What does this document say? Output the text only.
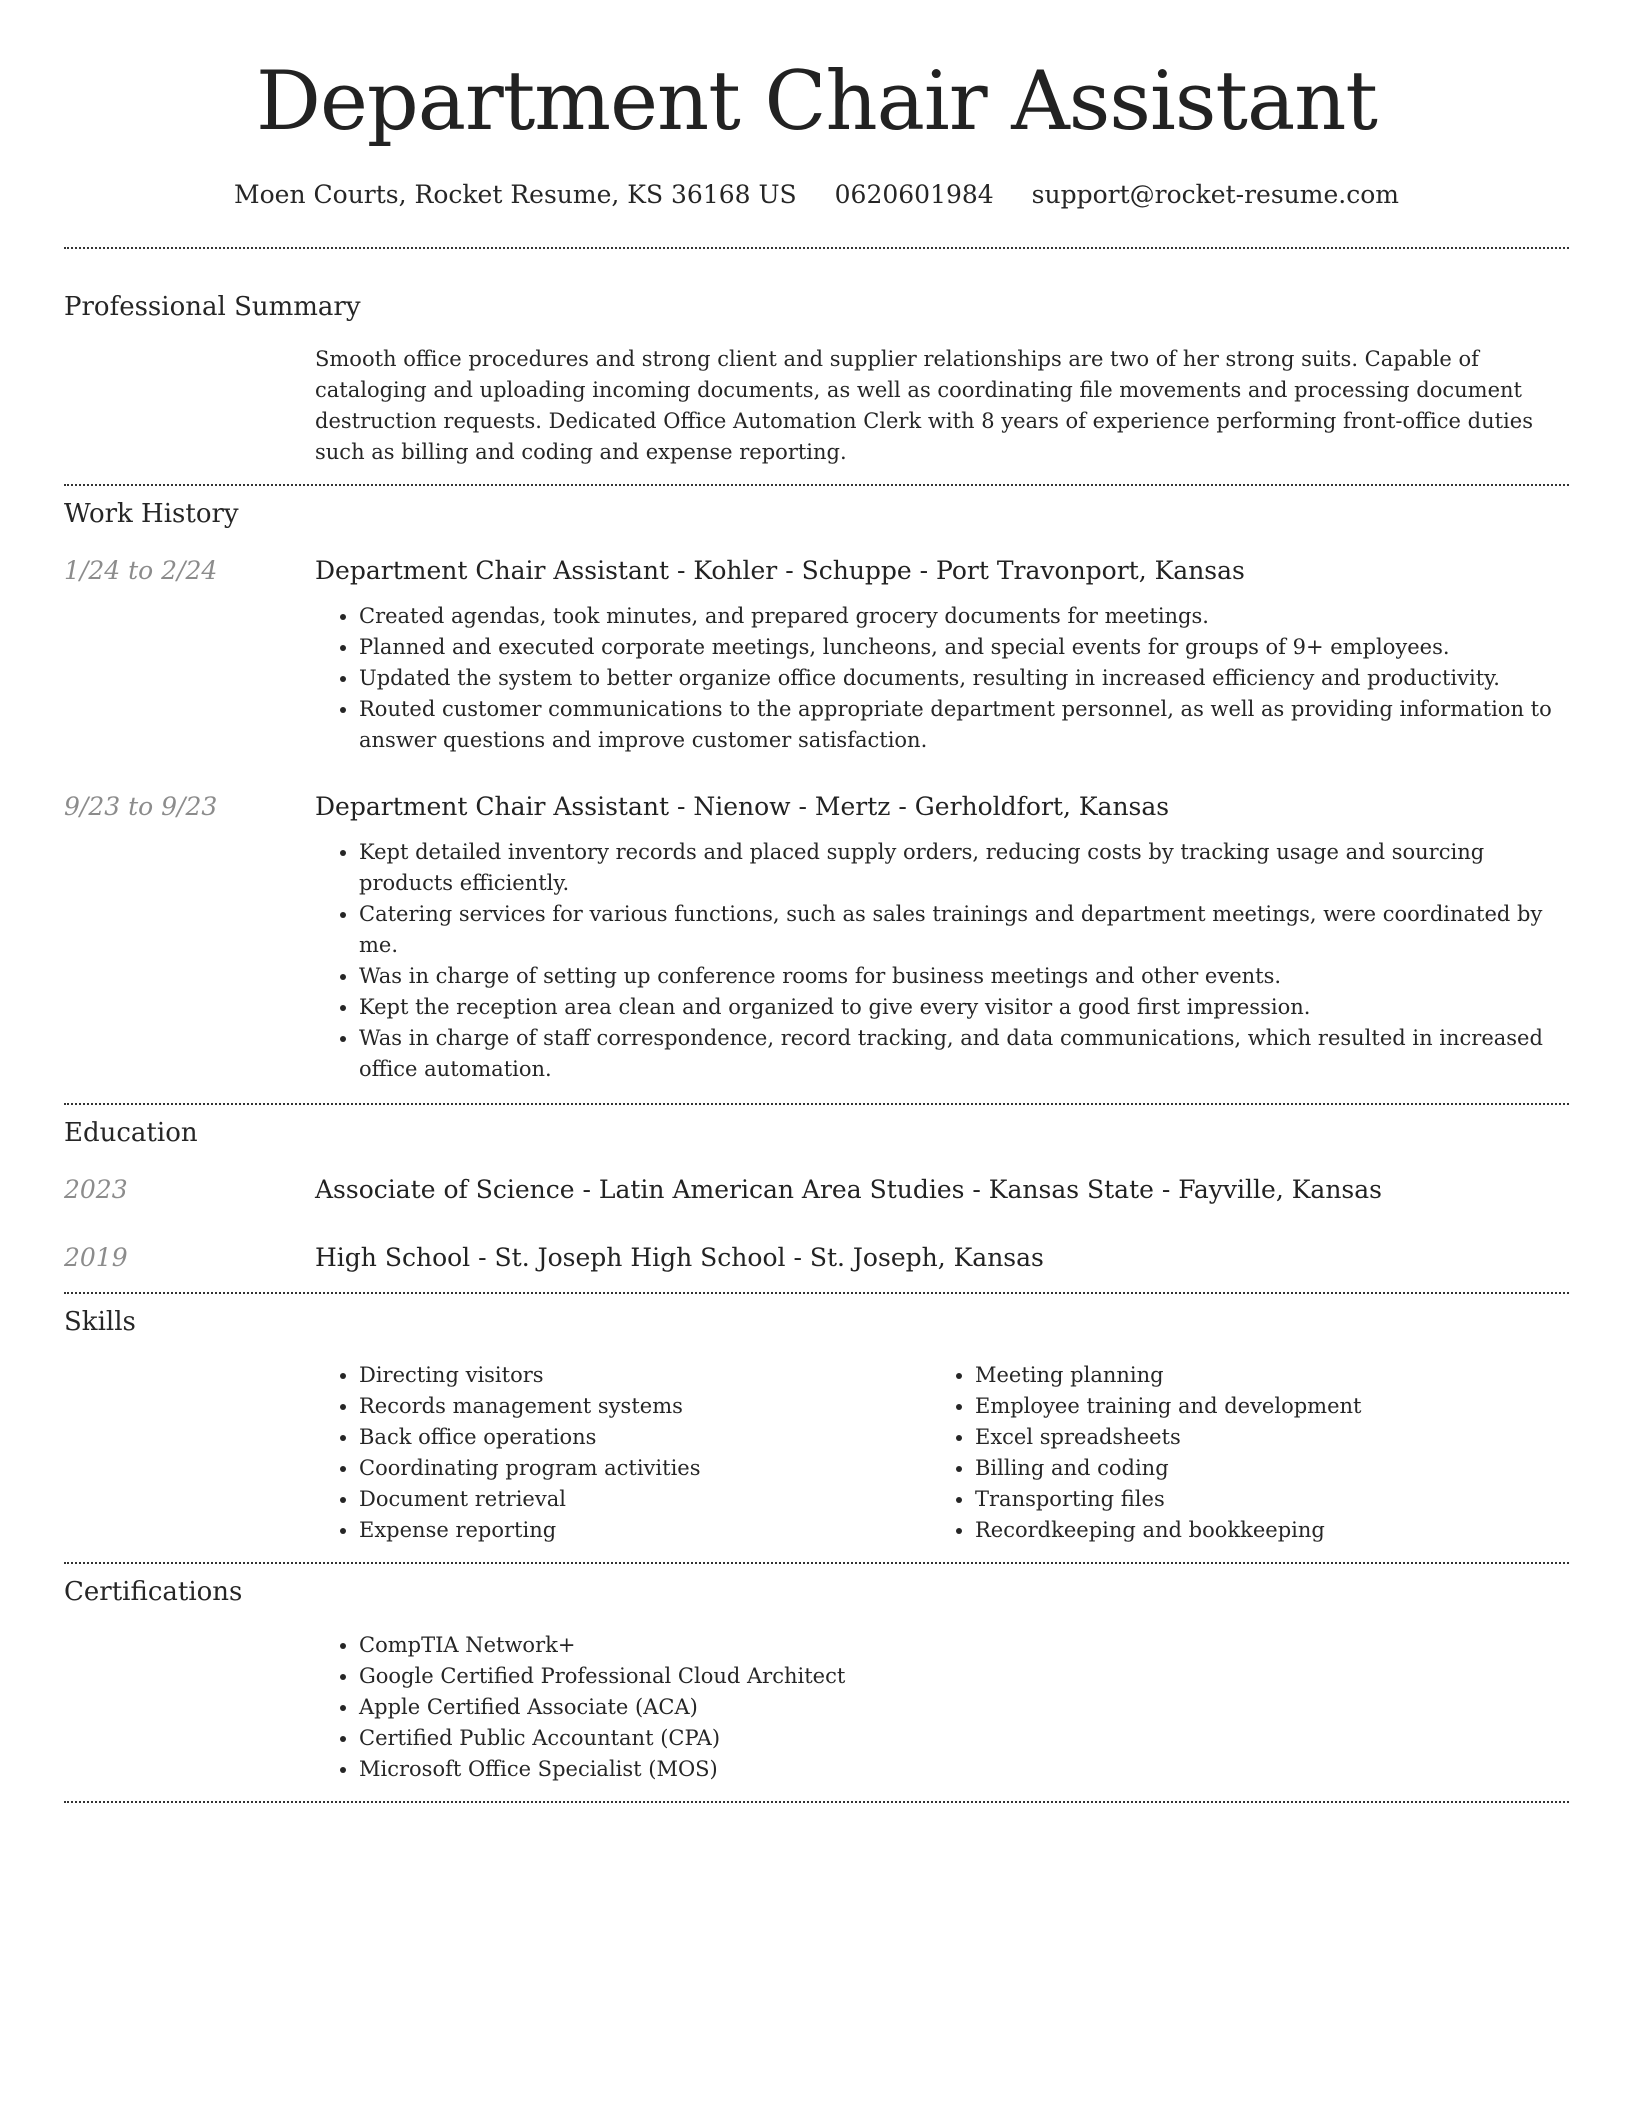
Department Chair Assistant
Moen Courts, Rocket Resume, KS 36168 US 0620601984 support@rocket-resume.com
Professional Summary

Smooth office procedures and strong client and supplier relationships are two of her strong suits. Capable of cataloging and uploading incoming documents, as well as coordinating file movements and processing document destruction requests. Dedicated Office Automation Clerk with 8 years of experience performing front-office duties such as billing and coding and expense reporting.

Work History
1/24 to 2/24	Department Chair Assistant - Kohler - Schuppe - Port Travonport, Kansas
• Created agendas, took minutes, and prepared grocery documents for meetings.
• Planned and executed corporate meetings, luncheons, and special events for groups of 9+ employees.
• Updated the system to better organize office documents, resulting in increased efficiency and productivity.
• Routed customer communications to the appropriate department personnel, as well as providing information to answer questions and improve customer satisfaction.
9/23 to 9/23	Department Chair Assistant - Nienow - Mertz - Gerholdfort, Kansas
• Kept detailed inventory records and placed supply orders, reducing costs by tracking usage and sourcing products efficiently.
• Catering services for various functions, such as sales trainings and department meetings, were coordinated by me.
• Was in charge of setting up conference rooms for business meetings and other events.
• Kept the reception area clean and organized to give every visitor a good first impression.
• Was in charge of staff correspondence, record tracking, and data communications, which resulted in increased office automation.
Education
2023	Associate of Science - Latin American Area Studies - Kansas State - Fayville, Kansas
2019	High School - St. Joseph High School - St. Joseph, Kansas
Skills
• Directing visitors
• Records management systems
• Back office operations
• Coordinating program activities
• Document retrieval
• Expense reporting
• Meeting planning
• Employee training and development
• Excel spreadsheets
• Billing and coding
• Transporting files
• Recordkeeping and bookkeeping
Certifications
• CompTIA Network+
• Google Certified Professional Cloud Architect
• Apple Certified Associate (ACA)
• Certified Public Accountant (CPA)
• Microsoft Office Specialist (MOS)
